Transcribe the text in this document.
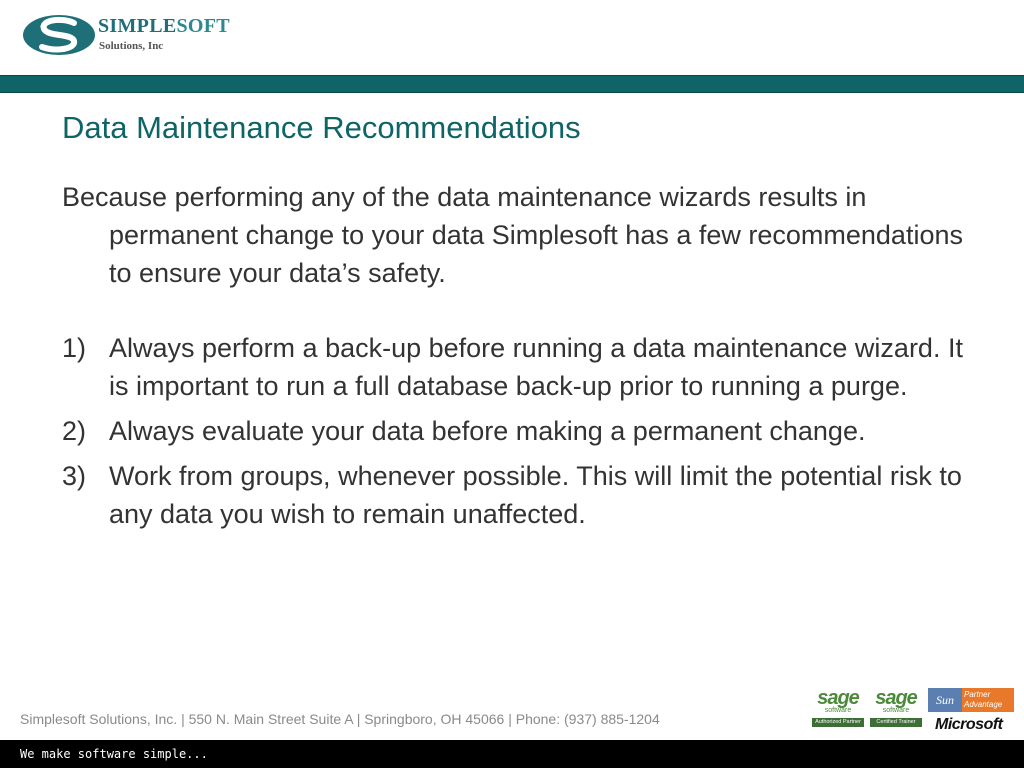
SIMPLESOFT
Solutions, Inc
Data Maintenance Recommendations

Because performing any of the data maintenance wizards results in permanent change to your data Simplesoft has a few recommendations to ensure your data’s safety.

1) Always perform a back-up before running a data maintenance wizard. It is important to run a full database back-up prior to running a purge.
2) Always evaluate your data before making a permanent change.
3) Work from groups, whenever possible. This will limit the potential risk to any data you wish to remain unaffected.
Simplesoft Solutions, Inc. | 550 N. Main Street Suite A | Springboro, OH 45066 | Phone: (937) 885-1204
sage
software
Authorized Partner
sage
software
Certified Trainer
Sun	Partner
Advantage
Microsoft
We make software simple...
